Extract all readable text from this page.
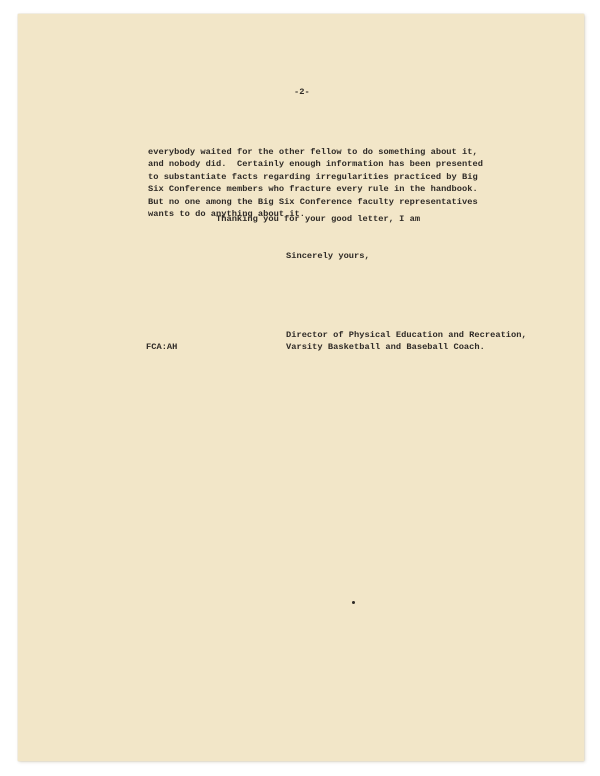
-2-
everybody waited for the other fellow to do something about it,
and nobody did.  Certainly enough information has been presented
to substantiate facts regarding irregularities practiced by Big
Six Conference members who fracture every rule in the handbook.
But no one among the Big Six Conference faculty representatives
wants to do anything about it.
Thanking you for your good letter, I am
Sincerely yours,
Director of Physical Education and Recreation,
Varsity Basketball and Baseball Coach.
FCA:AH
